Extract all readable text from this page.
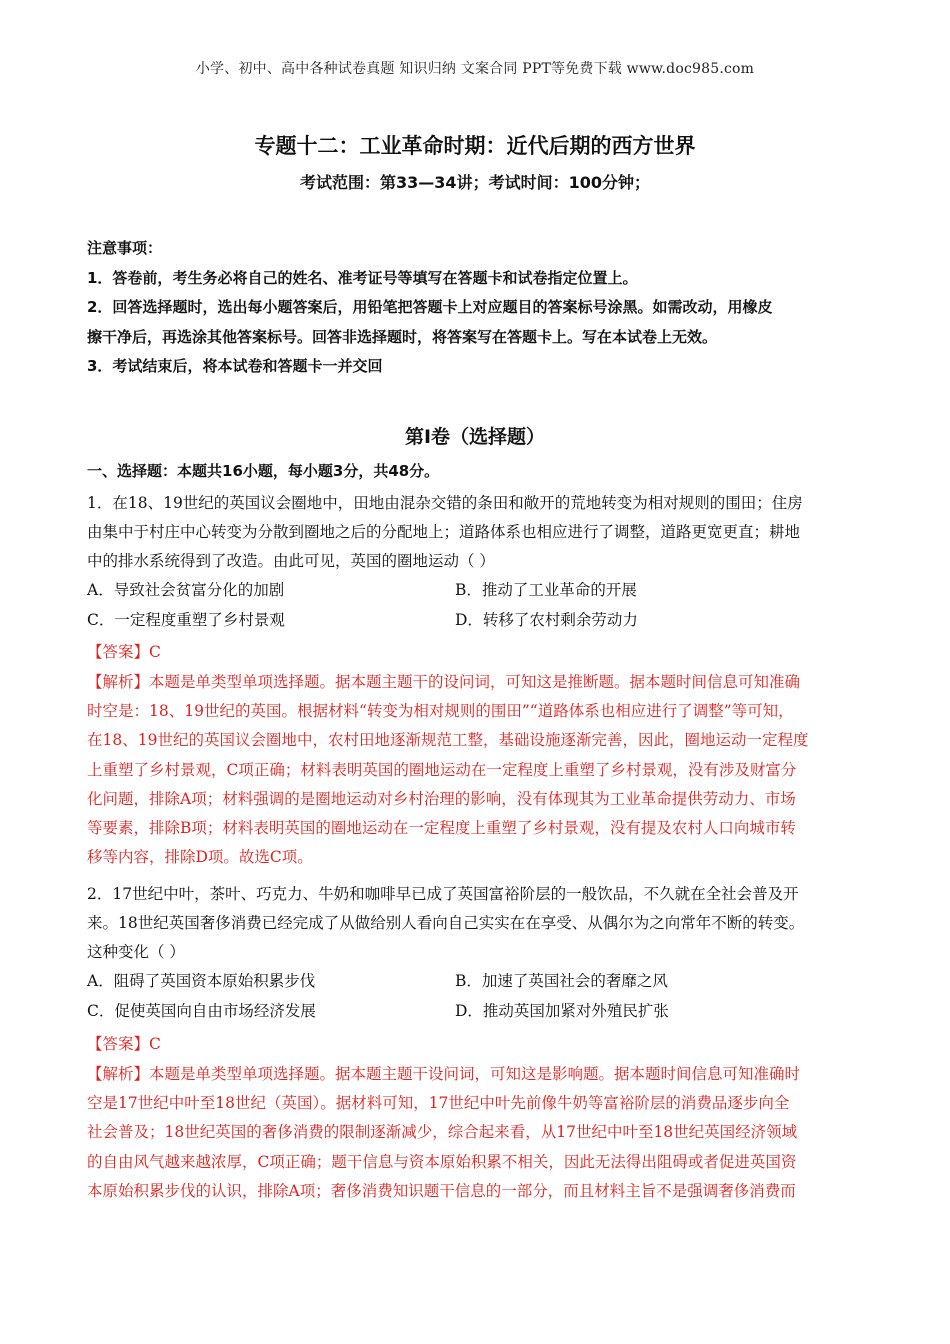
小学、初中、高中各种试卷真题 知识归纳 文案合同 PPT等免费下载 www.doc985.com
专题十二：工业革命时期：近代后期的西方世界
考试范围：第33—34讲；考试时间：100分钟；
注意事项：
1．答卷前，考生务必将自己的姓名、准考证号等填写在答题卡和试卷指定位置上。
2．回答选择题时，选出每小题答案后，用铅笔把答题卡上对应题目的答案标号涂黑。如需改动，用橡皮
擦干净后，再选涂其他答案标号。回答非选择题时，将答案写在答题卡上。写在本试卷上无效。
3．考试结束后，将本试卷和答题卡一并交回
第Ⅰ卷（选择题）
一、选择题：本题共16小题，每小题3分，共48分。
1．在18、19世纪的英国议会圈地中，田地由混杂交错的条田和敞开的荒地转变为相对规则的围田；住房
由集中于村庄中心转变为分散到圈地之后的分配地上；道路体系也相应进行了调整，道路更宽更直；耕地
中的排水系统得到了改造。由此可见，英国的圈地运动（ ）
A．导致社会贫富分化的加剧	B．推动了工业革命的开展
C．一定程度重塑了乡村景观	D．转移了农村剩余劳动力
【答案】C
【解析】本题是单类型单项选择题。据本题主题干的设问词，可知这是推断题。据本题时间信息可知准确
时空是：18、19世纪的英国。根据材料“转变为相对规则的围田”“道路体系也相应进行了调整”等可知，
在18、19世纪的英国议会圈地中，农村田地逐渐规范工整，基础设施逐渐完善，因此，圈地运动一定程度
上重塑了乡村景观，C项正确；材料表明英国的圈地运动在一定程度上重塑了乡村景观，没有涉及财富分
化问题，排除A项；材料强调的是圈地运动对乡村治理的影响，没有体现其为工业革命提供劳动力、市场
等要素，排除B项；材料表明英国的圈地运动在一定程度上重塑了乡村景观，没有提及农村人口向城市转
移等内容，排除D项。故选C项。
2．17世纪中叶，茶叶、巧克力、牛奶和咖啡早已成了英国富裕阶层的一般饮品，不久就在全社会普及开
来。18世纪英国奢侈消费已经完成了从做给别人看向自己实实在在享受、从偶尔为之向常年不断的转变。
这种变化（ ）
A．阻碍了英国资本原始积累步伐	B．加速了英国社会的奢靡之风
C．促使英国向自由市场经济发展	D．推动英国加紧对外殖民扩张
【答案】C
【解析】本题是单类型单项选择题。据本题主题干设问词，可知这是影响题。据本题时间信息可知准确时
空是17世纪中叶至18世纪（英国）。据材料可知，17世纪中叶先前像牛奶等富裕阶层的消费品逐步向全
社会普及；18世纪英国的奢侈消费的限制逐渐减少，综合起来看，从17世纪中叶至18世纪英国经济领域
的自由风气越来越浓厚，C项正确；题干信息与资本原始积累不相关，因此无法得出阻碍或者促进英国资
本原始积累步伐的认识，排除A项；奢侈消费知识题干信息的一部分，而且材料主旨不是强调奢侈消费而
